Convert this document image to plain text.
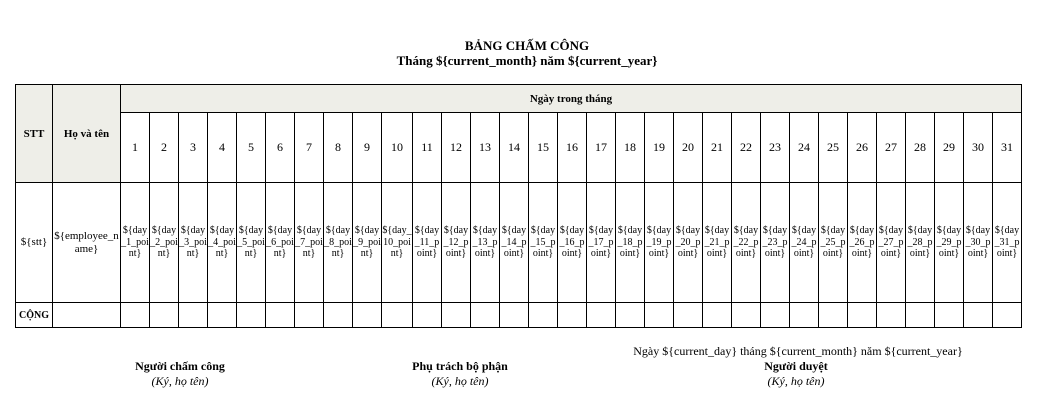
BẢNG CHẤM CÔNG
Tháng ${current_month} năm ${current_year}
STT	Họ và tên	Ngày trong tháng																														
		1	2	3	4	5	6	7	8	9	10	11	12	13	14	15	16	17	18	19	20	21	22	23	24	25	26	27	28	29	30	31
${stt}	${employee_name}	${day_1_point}	${day_2_point}	${day_3_point}	${day_4_point}	${day_5_point}	${day_6_point}	${day_7_point}	${day_8_point}	${day_9_point}	${day_10_point}	${day_11_point}	${day_12_point}	${day_13_point}	${day_14_point}	${day_15_point}	${day_16_point}	${day_17_point}	${day_18_point}	${day_19_point}	${day_20_point}	${day_21_point}	${day_22_point}	${day_23_point}	${day_24_point}	${day_25_point}	${day_26_point}	${day_27_point}	${day_28_point}	${day_29_point}	${day_30_point}	${day_31_point}
CỘNG																																
Người chấm công
(Ký, họ tên)
Phụ trách bộ phận
(Ký, họ tên)
Ngày ${current_day} tháng ${current_month} năm ${current_year}
Người duyệt
(Ký, họ tên)
